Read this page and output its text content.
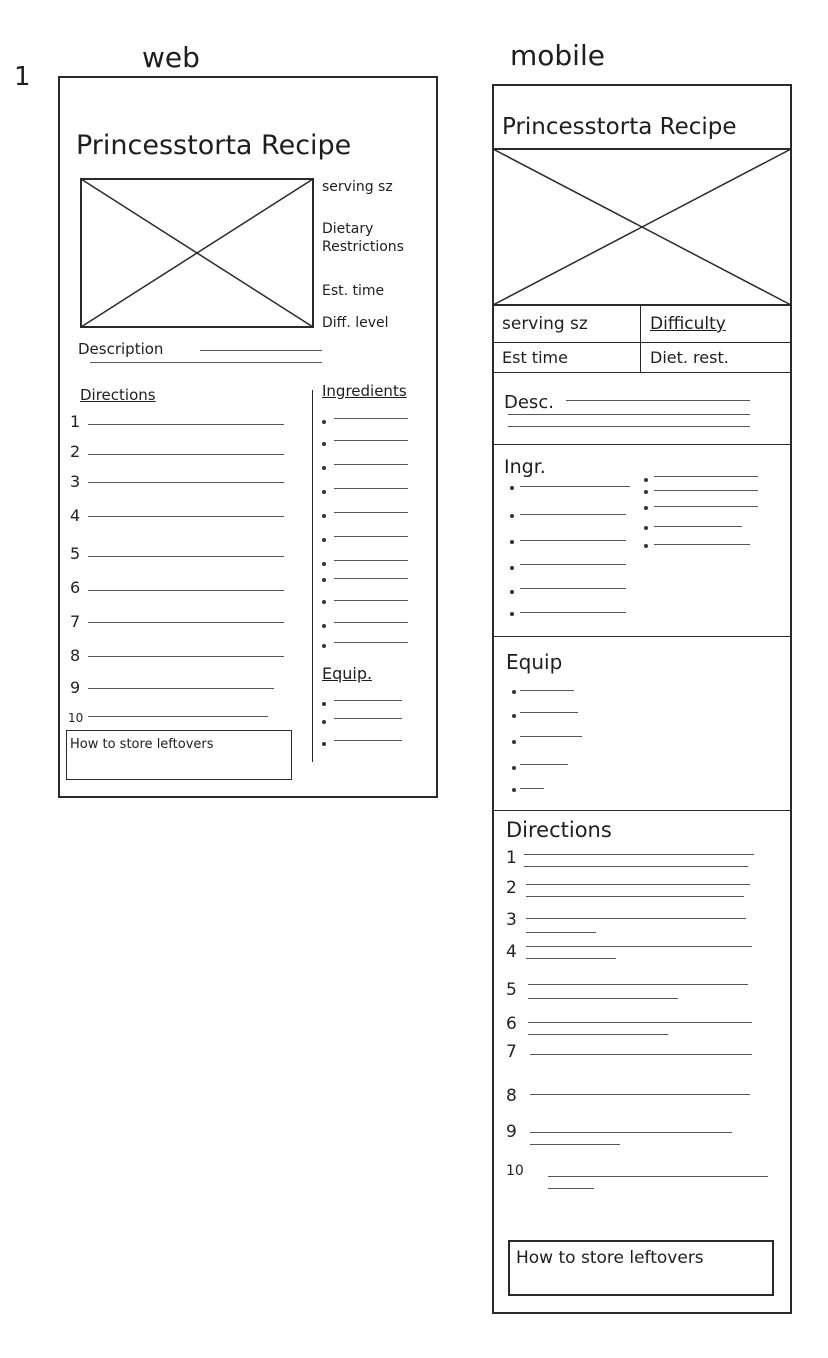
1
web
Princesstorta Recipe
serving sz
Dietary
Restrictions
Est. time
Diff. level
Description
Directions
1
2
3
4
5
6
7
8
9
10
Ingredients
Equip.
How to store leftovers
mobile
Princesstorta Recipe
serving sz	Difficulty
Est time	Diet. rest.
Desc.
Ingr.
Equip
Directions
1
2
3
4
5
6
7
8
9
10
How to store leftovers
